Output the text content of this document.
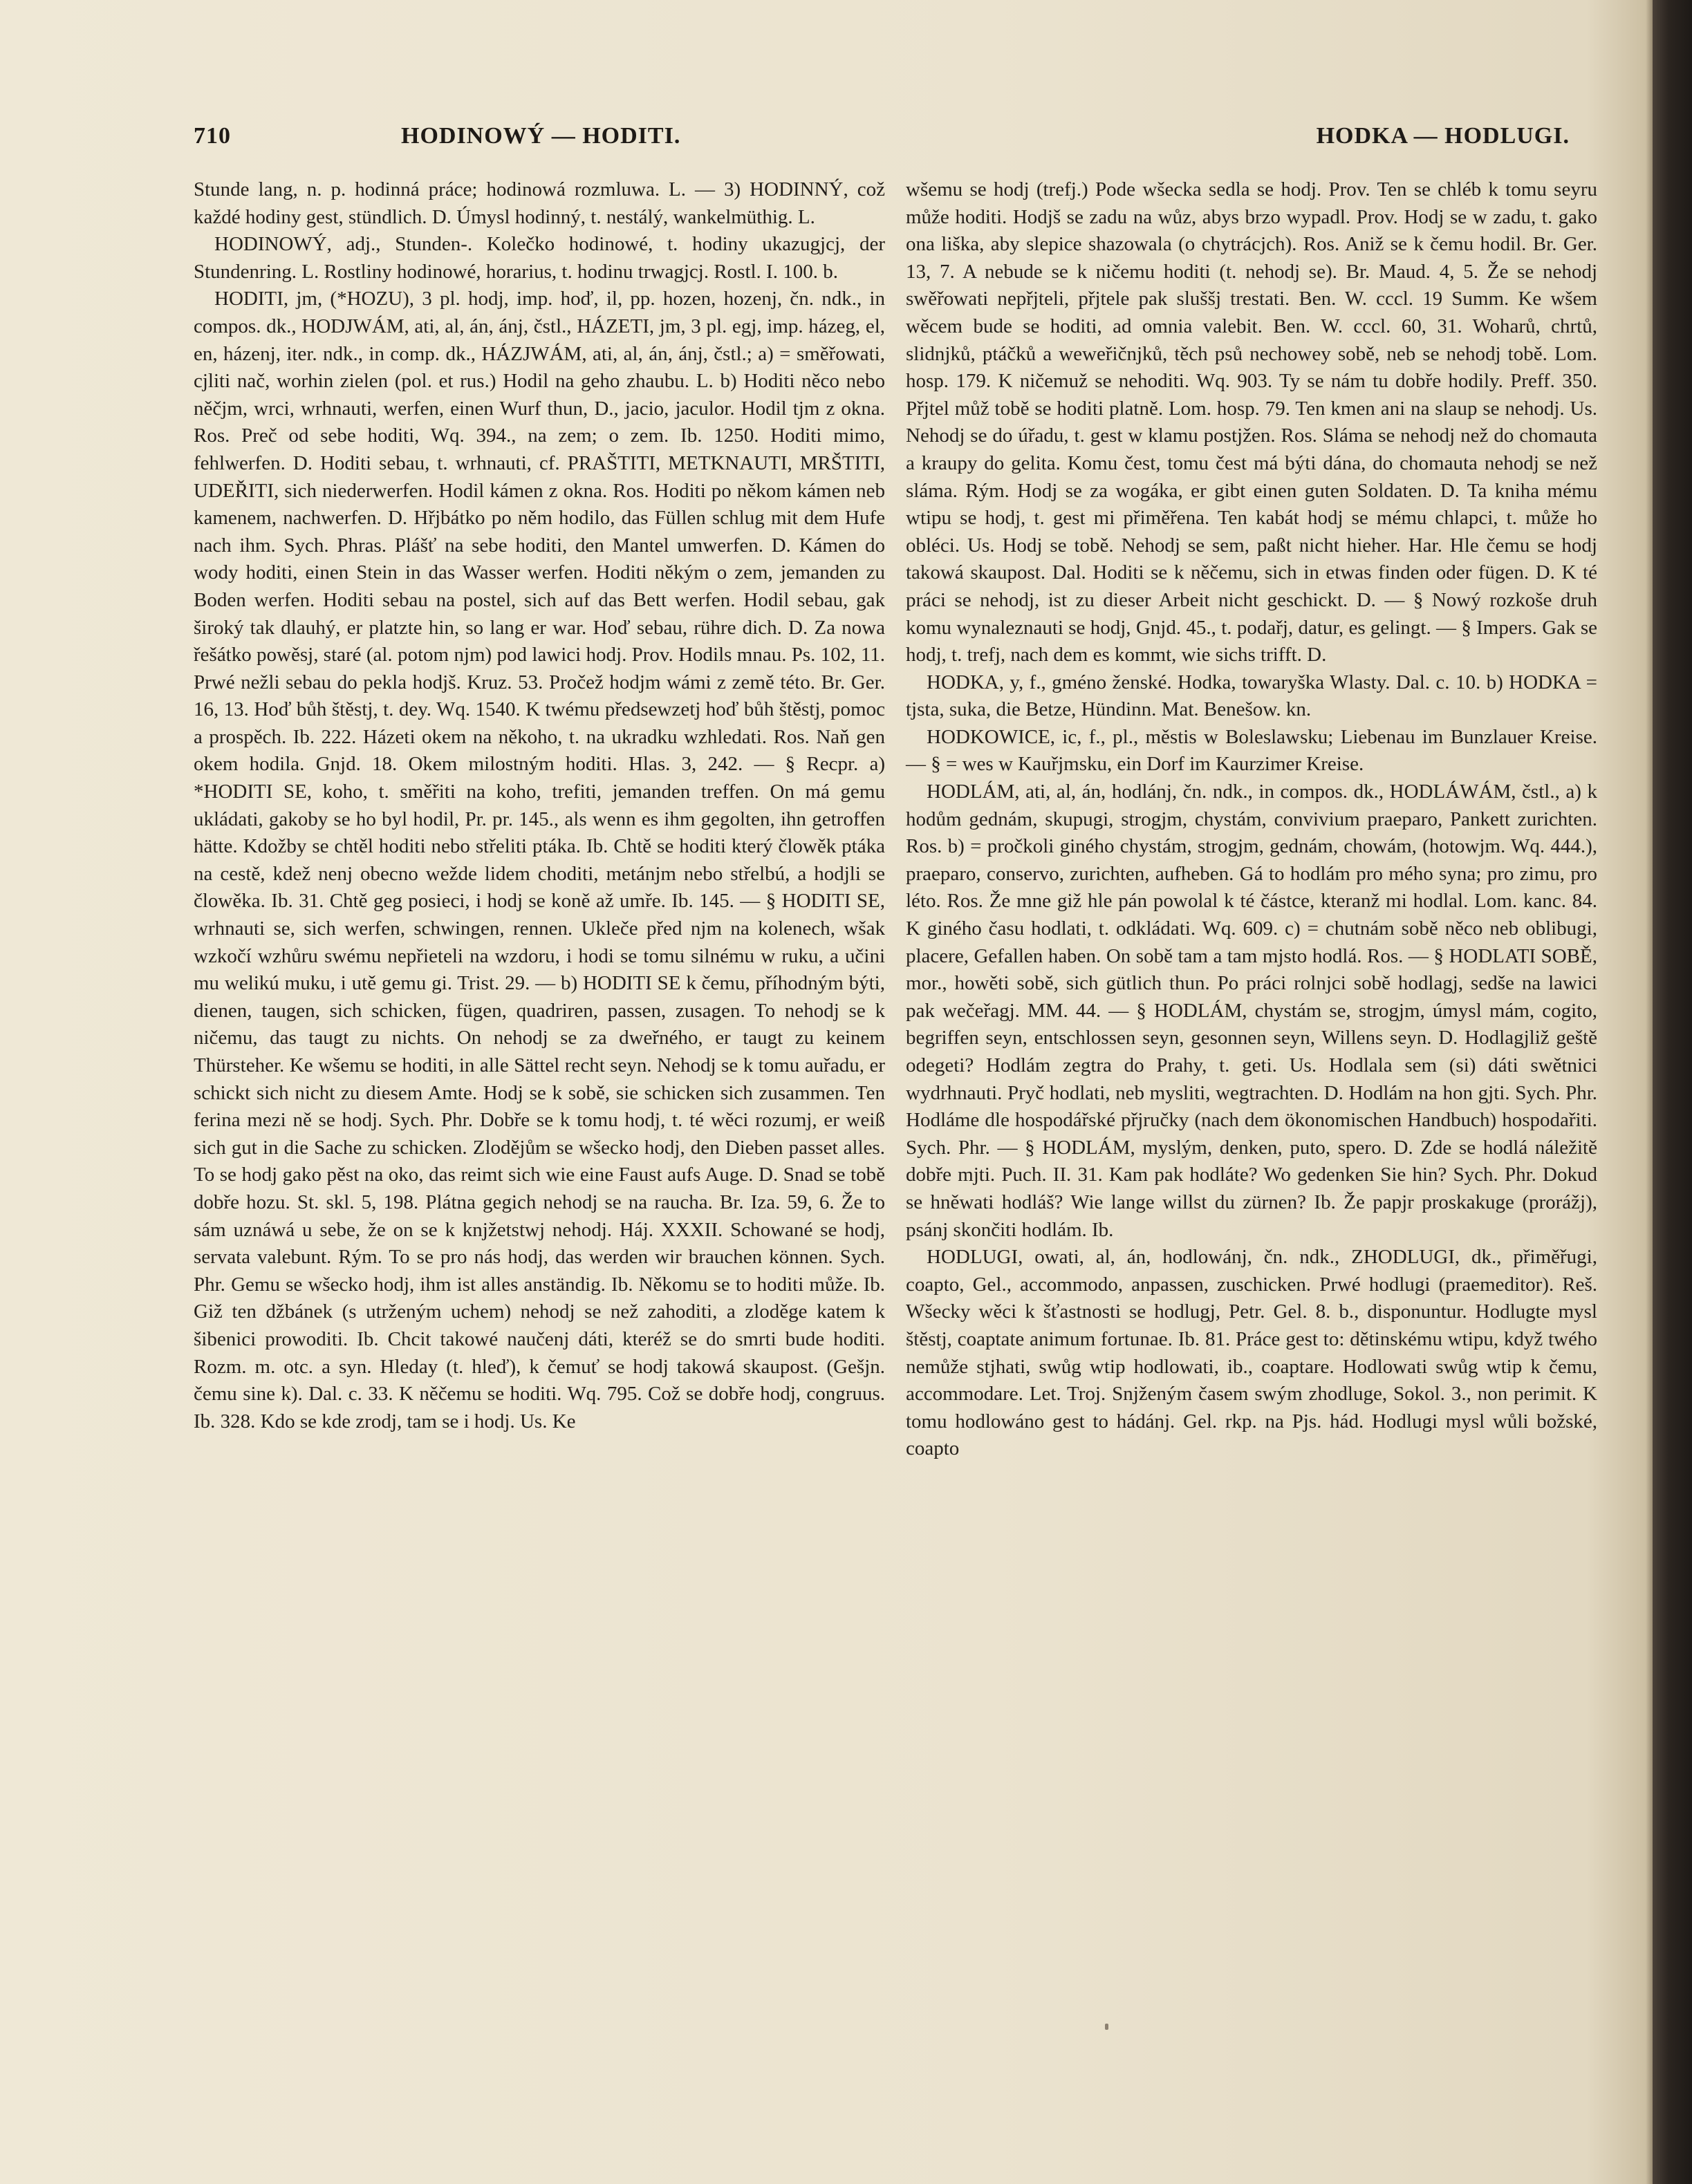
710	HODINOWÝ — HODITI.	HODKA — HODLUGI.

Stunde lang, n. p. hodinná práce; hodinowá rozmluwa. L. — 3) HODINNÝ, což každé hodiny gest, stündlich. D. Úmysl hodinný, t. nestálý, wankelmüthig. L.

HODINOWÝ, adj., Stunden-. Kolečko hodinowé, t. hodiny ukazugjcj, der Stundenring. L. Rostliny hodinowé, horarius, t. hodinu trwagjcj. Rostl. I. 100. b.

HODITI, jm, (*HOZU), 3 pl. hodj, imp. hoď, il, pp. hozen, hozenj, čn. ndk., in compos. dk., HODJWÁM, ati, al, án, ánj, čstl., HÁZETI, jm, 3 pl. egj, imp. házeg, el, en, házenj, iter. ndk., in comp. dk., HÁZJWÁM, ati, al, án, ánj, čstl.; a) = směřowati, cjliti nač, worhin zielen (pol. et rus.) Hodil na geho zhaubu. L. b) Hoditi něco nebo něčjm, wrci, wrhnauti, werfen, einen Wurf thun, D., jacio, jaculor. Hodil tjm z okna. Ros. Preč od sebe hoditi, Wq. 394., na zem; o zem. Ib. 1250. Hoditi mimo, fehlwerfen. D. Hoditi sebau, t. wrhnauti, cf. PRAŠTITI, METKNAUTI, MRŠTITI, UDEŘITI, sich niederwerfen. Hodil kámen z okna. Ros. Hoditi po někom kámen neb kamenem, nachwerfen. D. Hřjbátko po něm hodilo, das Füllen schlug mit dem Hufe nach ihm. Sych. Phras. Plášť na sebe hoditi, den Mantel umwerfen. D. Kámen do wody hoditi, einen Stein in das Wasser werfen. Hoditi někým o zem, jemanden zu Boden werfen. Hoditi sebau na postel, sich auf das Bett werfen. Hodil sebau, gak široký tak dlauhý, er platzte hin, so lang er war. Hoď sebau, rühre dich. D. Za nowa řešátko powěsj, staré (al. potom njm) pod lawici hodj. Prov. Hodils mnau. Ps. 102, 11. Prwé nežli sebau do pekla hodjš. Kruz. 53. Pročež hodjm wámi z země této. Br. Ger. 16, 13. Hoď bůh štěstj, t. dey. Wq. 1540. K twému předsewzetj hoď bůh štěstj, pomoc a prospěch. Ib. 222. Házeti okem na někoho, t. na ukradku wzhledati. Ros. Naň gen okem hodila. Gnjd. 18. Okem milostným hoditi. Hlas. 3, 242. — § Recpr. a) *HODITI SE, koho, t. směřiti na koho, trefiti, jemanden treffen. On má gemu ukládati, gakoby se ho byl hodil, Pr. pr. 145., als wenn es ihm gegolten, ihn getroffen hätte. Kdožby se chtěl hoditi nebo střeliti ptáka. Ib. Chtě se hoditi který člowěk ptáka na cestě, kdež nenj obecno wežde lidem choditi, metánjm nebo střelbú, a hodjli se člowěka. Ib. 31. Chtě geg posieci, i hodj se koně až umře. Ib. 145. — § HODITI SE, wrhnauti se, sich werfen, schwingen, rennen. Ukleče před njm na kolenech, wšak wzkočí wzhůru swému nepřieteli na wzdoru, i hodi se tomu silnému w ruku, a učini mu welikú muku, i utě gemu gi. Trist. 29. — b) HODITI SE k čemu, příhodným býti, dienen, taugen, sich schicken, fügen, quadriren, passen, zusagen. To nehodj se k ničemu, das taugt zu nichts. On nehodj se za dweřného, er taugt zu keinem Thürsteher. Ke wšemu se hoditi, in alle Sättel recht seyn. Nehodj se k tomu auřadu, er schickt sich nicht zu diesem Amte. Hodj se k sobě, sie schicken sich zusammen. Ten ferina mezi ně se hodj. Sych. Phr. Dobře se k tomu hodj, t. té wěci rozumj, er weiß sich gut in die Sache zu schicken. Zlodějům se wšecko hodj, den Dieben passet alles. To se hodj gako pěst na oko, das reimt sich wie eine Faust aufs Auge. D. Snad se tobě dobře hozu. St. skl. 5, 198. Plátna gegich nehodj se na raucha. Br. Iza. 59, 6. Že to sám uznáwá u sebe, že on se k knjžetstwj nehodj. Háj. XXXII. Schowané se hodj, servata valebunt. Rým. To se pro nás hodj, das werden wir brauchen können. Sych. Phr. Gemu se wšecko hodj, ihm ist alles anständig. Ib. Někomu se to hoditi může. Ib. Giž ten džbánek (s utrženým uchem) nehodj se než zahoditi, a zloděge katem k šibenici prowoditi. Ib. Chcit takowé naučenj dáti, kteréž se do smrti bude hoditi. Rozm. m. otc. a syn. Hleday (t. hleď), k čemuť se hodj takowá skaupost. (Gešjn. čemu sine k). Dal. c. 33. K něčemu se hoditi. Wq. 795. Což se dobře hodj, congruus. Ib. 328. Kdo se kde zrodj, tam se i hodj. Us. Ke

wšemu se hodj (trefj.) Pode wšecka sedla se hodj. Prov. Ten se chléb k tomu seyru může hoditi. Hodjš se zadu na wůz, abys brzo wypadl. Prov. Hodj se w zadu, t. gako ona liška, aby slepice shazowala (o chytrácjch). Ros. Aniž se k čemu hodil. Br. Ger. 13, 7. A nebude se k ničemu hoditi (t. nehodj se). Br. Maud. 4, 5. Že se nehodj swěřowati nepřjteli, přjtele pak sluššj trestati. Ben. W. cccl. 19 Summ. Ke wšem wěcem bude se hoditi, ad omnia valebit. Ben. W. cccl. 60, 31. Woharů, chrtů, slidnjků, ptáčků a weweřičnjků, těch psů nechowey sobě, neb se nehodj tobě. Lom. hosp. 179. K ničemuž se nehoditi. Wq. 903. Ty se nám tu dobře hodily. Preff. 350. Přjtel můž tobě se hoditi platně. Lom. hosp. 79. Ten kmen ani na slaup se nehodj. Us. Nehodj se do úřadu, t. gest w klamu postjžen. Ros. Sláma se nehodj než do chomauta a kraupy do gelita. Komu čest, tomu čest má býti dána, do chomauta nehodj se než sláma. Rým. Hodj se za wogáka, er gibt einen guten Soldaten. D. Ta kniha mému wtipu se hodj, t. gest mi přiměřena. Ten kabát hodj se mému chlapci, t. může ho obléci. Us. Hodj se tobě. Nehodj se sem, paßt nicht hieher. Har. Hle čemu se hodj takowá skaupost. Dal. Hoditi se k něčemu, sich in etwas finden oder fügen. D. K té práci se nehodj, ist zu dieser Arbeit nicht geschickt. D. — § Nowý rozkoše druh komu wynaleznauti se hodj, Gnjd. 45., t. podařj, datur, es gelingt. — § Impers. Gak se hodj, t. trefj, nach dem es kommt, wie sichs trifft. D.

HODKA, y, f., gméno ženské. Hodka, towaryška Wlasty. Dal. c. 10. b) HODKA = tjsta, suka, die Betze, Hündinn. Mat. Benešow. kn.

HODKOWICE, ic, f., pl., městis w Boleslawsku; Liebenau im Bunzlauer Kreise. — § = wes w Kauřjmsku, ein Dorf im Kaurzimer Kreise.

HODLÁM, ati, al, án, hodlánj, čn. ndk., in compos. dk., HODLÁWÁM, čstl., a) k hodům gednám, skupugi, strogjm, chystám, convivium praeparo, Pankett zurichten. Ros. b) = pročkoli giného chystám, strogjm, gednám, chowám, (hotowjm. Wq. 444.), praeparo, conservo, zurichten, aufheben. Gá to hodlám pro mého syna; pro zimu, pro léto. Ros. Že mne giž hle pán powolal k té částce, kteranž mi hodlal. Lom. kanc. 84. K giného času hodlati, t. odkládati. Wq. 609. c) = chutnám sobě něco neb oblibugi, placere, Gefallen haben. On sobě tam a tam mjsto hodlá. Ros. — § HODLATI SOBĚ, mor., howěti sobě, sich gütlich thun. Po práci rolnjci sobě hodlagj, sedše na lawici pak wečeřagj. MM. 44. — § HODLÁM, chystám se, strogjm, úmysl mám, cogito, begriffen seyn, entschlossen seyn, gesonnen seyn, Willens seyn. D. Hodlagjliž geště odegeti? Hodlám zegtra do Prahy, t. geti. Us. Hodlala sem (si) dáti swětnici wydrhnauti. Pryč hodlati, neb mysliti, wegtrachten. D. Hodlám na hon gjti. Sych. Phr. Hodláme dle hospodářské přjručky (nach dem ökonomischen Handbuch) hospodařiti. Sych. Phr. — § HODLÁM, myslým, denken, puto, spero. D. Zde se hodlá náležitě dobře mjti. Puch. II. 31. Kam pak hodláte? Wo gedenken Sie hin? Sych. Phr. Dokud se hněwati hodláš? Wie lange willst du zürnen? Ib. Že papjr proskakuge (prorážj), psánj skončiti hodlám. Ib.

HODLUGI, owati, al, án, hodlowánj, čn. ndk., ZHODLUGI, dk., přiměřugi, coapto, Gel., accommodo, anpassen, zuschicken. Prwé hodlugi (praemeditor). Reš. Wšecky wěci k šťastnosti se hodlugj, Petr. Gel. 8. b., disponuntur. Hodlugte mysl štěstj, coaptate animum fortunae. Ib. 81. Práce gest to: dětinskému wtipu, když twého nemůže stjhati, swůg wtip hodlowati, ib., coaptare. Hodlowati swůg wtip k čemu, accommodare. Let. Troj. Snjženým časem swým zhodluge, Sokol. 3., non perimit. K tomu hodlowáno gest to hádánj. Gel. rkp. na Pjs. hád. Hodlugi mysl wůli božské, coapto
